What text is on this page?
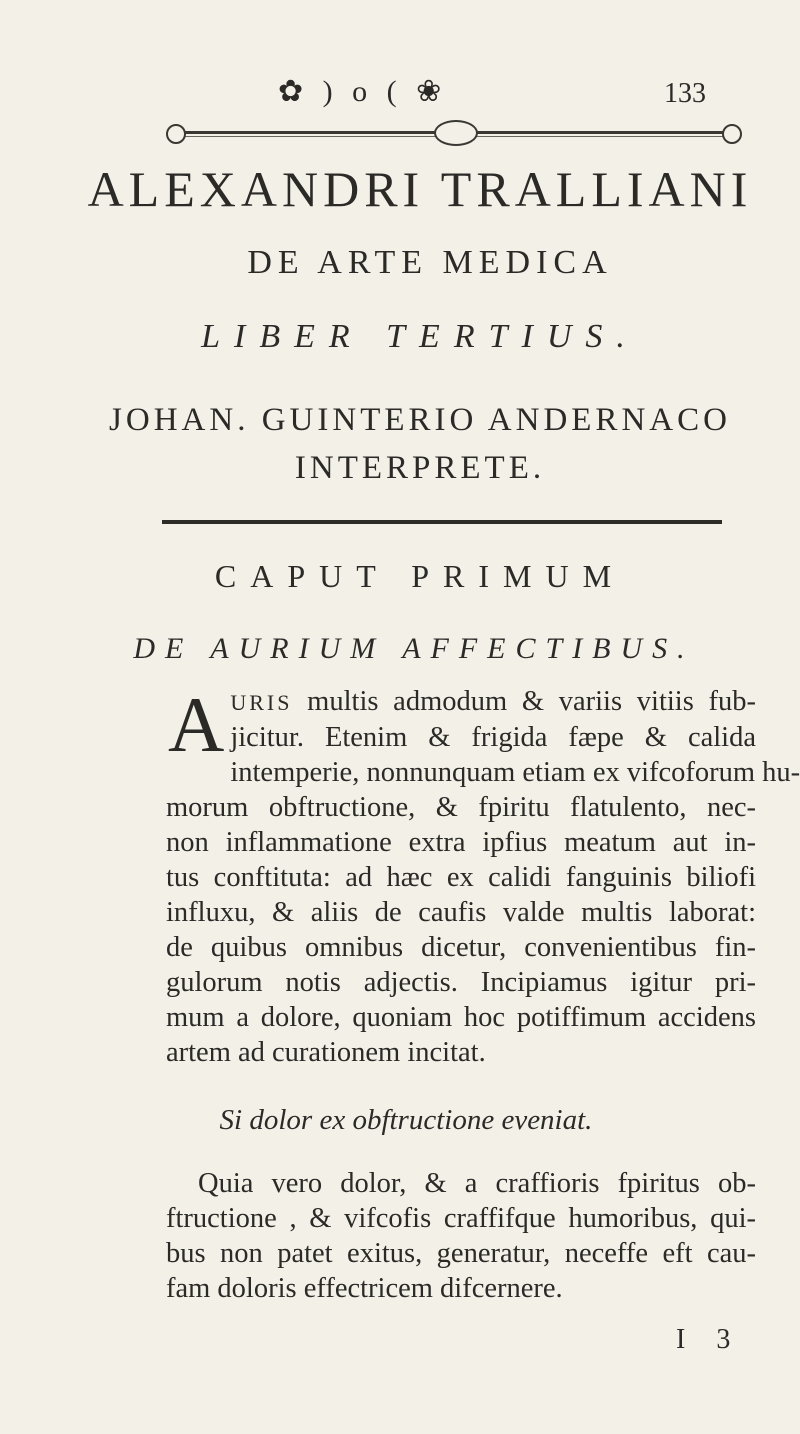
✿ ) o ( ❀	133
ALEXANDRI TRALLIANI
DE ARTE MEDICA
LIBER TERTIUS.
JOHAN. GUINTERIO ANDERNACO
INTERPRETE.
CAPUT PRIMUM
DE AURIUM AFFECTIBUS.
A URIS multis admodum & variis vitiis fub-
jicitur. Etenim & frigida fæpe & calida
intemperie, nonnunquam etiam ex vifcoforum hu-
morum obftructione, & fpiritu flatulento, nec-
non inflammatione extra ipfius meatum aut in-
tus conftituta: ad hæc ex calidi fanguinis biliofi
influxu, & aliis de caufis valde multis laborat:
de quibus omnibus dicetur, convenientibus fin-
gulorum notis adjectis. Incipiamus igitur pri-
mum a dolore, quoniam hoc potiffimum accidens
artem ad curationem incitat.
Si dolor ex obftructione eveniat.
Quia vero dolor, & a craffioris fpiritus ob-
ftructione , & vifcofis craffifque humoribus, qui-
bus non patet exitus, generatur, neceffe eft cau-
fam doloris effectricem difcernere.
I 3
